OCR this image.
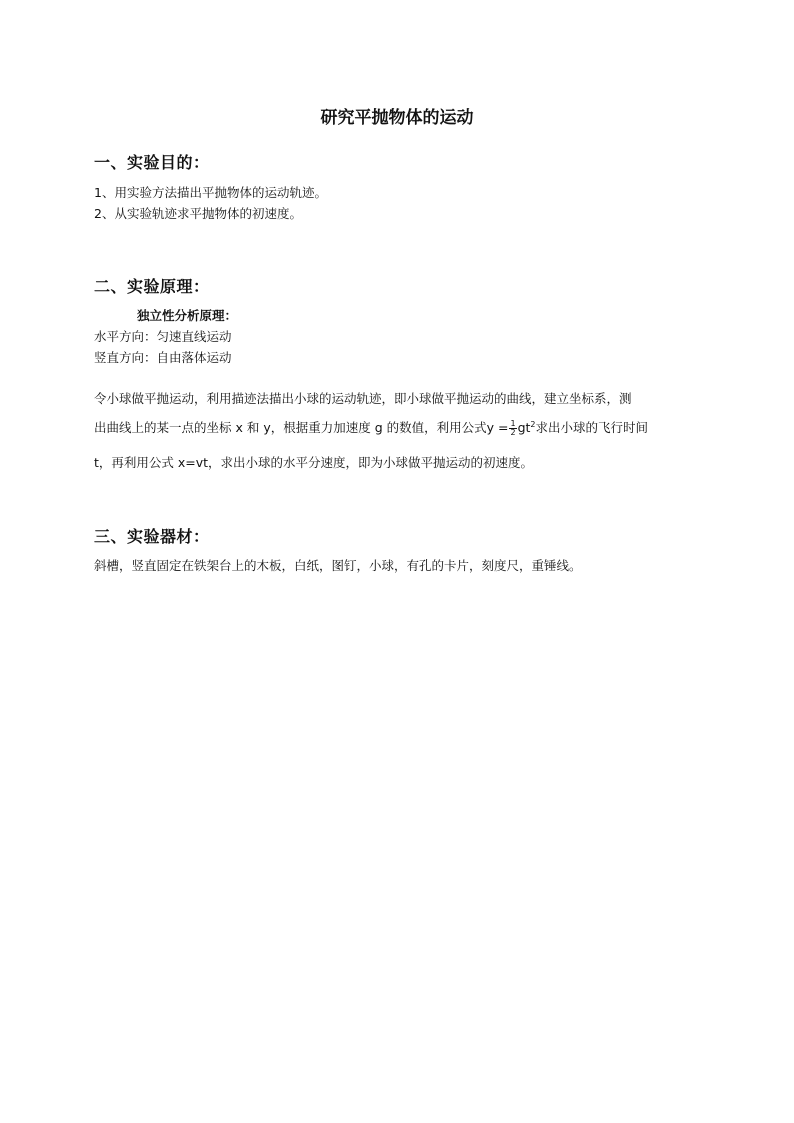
研究平抛物体的运动
一、实验目的：
1、用实验方法描出平抛物体的运动轨迹。
2、从实验轨迹求平抛物体的初速度。
二、实验原理：
独立性分析原理：
水平方向：匀速直线运动
竖直方向：自由落体运动
令小球做平抛运动，利用描迹法描出小球的运动轨迹，即小球做平抛运动的曲线，建立坐标系，测
出曲线上的某一点的坐标 x 和 y，根据重力加速度 g 的数值，利用公式$y = \frac{1}{2} gt^2$求出小球的飞行时间
t，再利用公式 x=vt，求出小球的水平分速度，即为小球做平抛运动的初速度。
三、实验器材：
斜槽，竖直固定在铁架台上的木板，白纸，图钉，小球，有孔的卡片，刻度尺，重锤线。
